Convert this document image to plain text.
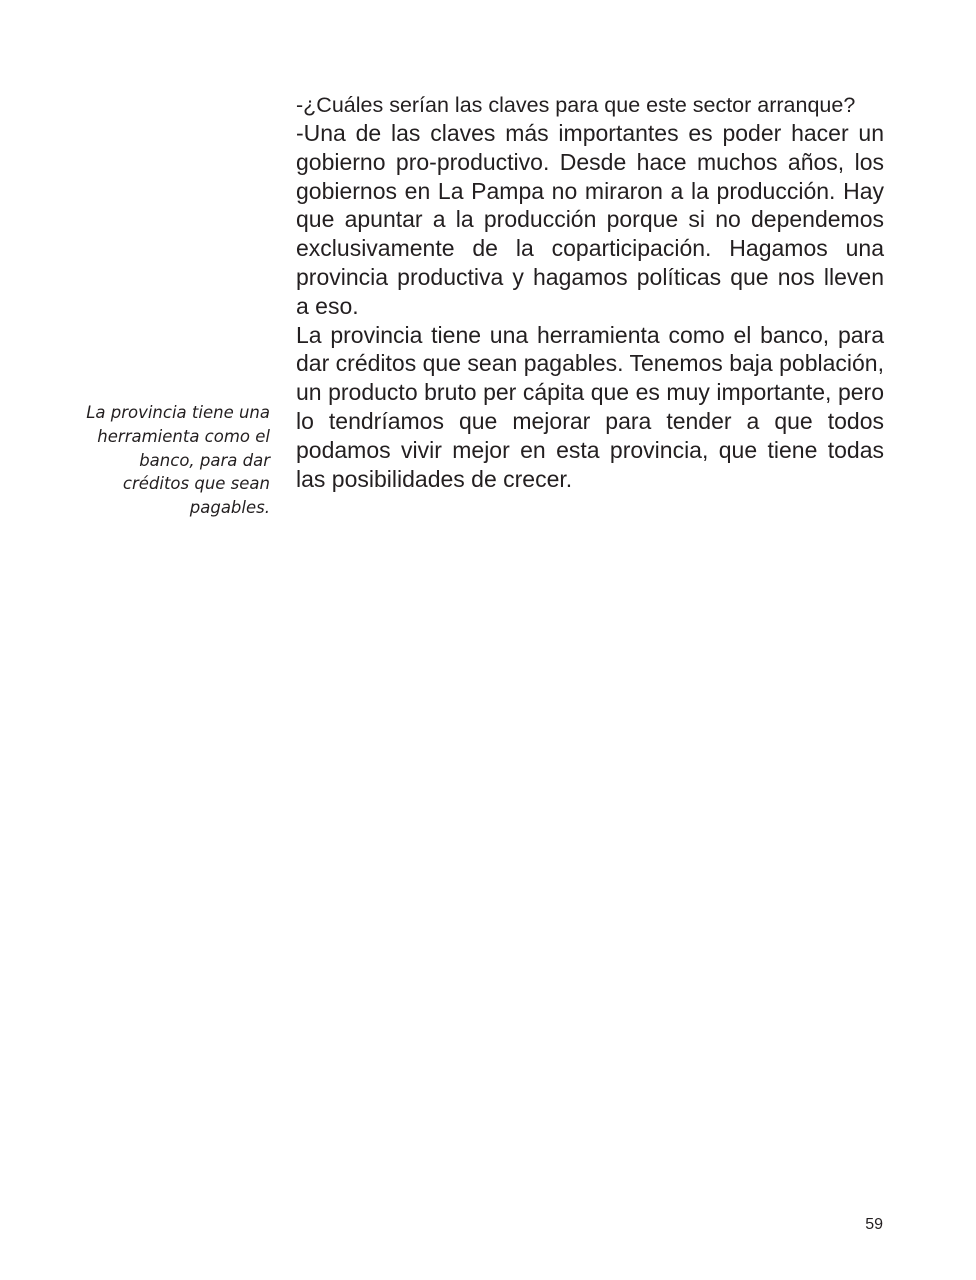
La provincia tiene una herramienta como el banco, para dar créditos que sean pagables.

-¿Cuáles serían las claves para que este sector arranque?

-Una de las claves más importantes es poder hacer un gobierno pro-productivo. Desde hace muchos años, los gobiernos en La Pampa no miraron a la producción. Hay que apuntar a la producción porque si no dependemos exclusivamente de la coparticipación. Hagamos una provincia productiva y hagamos políticas que nos lleven a eso.

La provincia tiene una herramienta como el banco, para dar créditos que sean pagables. Tenemos baja población, un producto bruto per cápita que es muy importante, pero lo tendríamos que mejorar para tender a que todos podamos vivir mejor en esta provincia, que tiene todas las posibilidades de crecer.

59
